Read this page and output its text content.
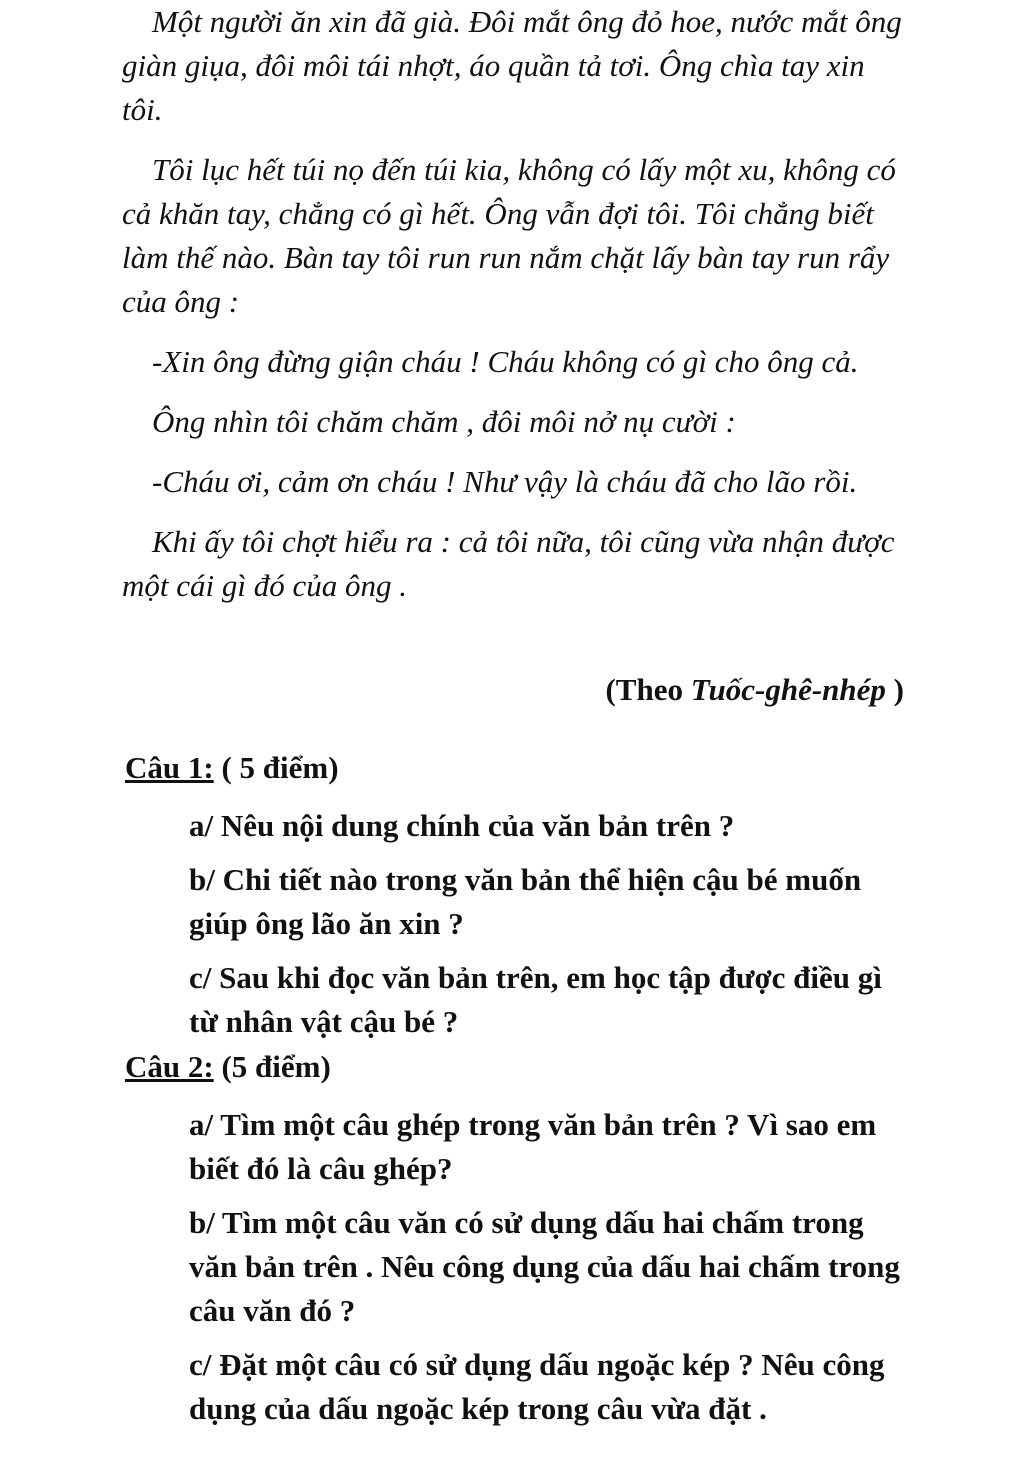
Một người ăn xin đã già. Đôi mắt ông đỏ hoe, nước mắt ông giàn giụa, đôi môi tái nhợt, áo quần tả tơi. Ông chìa tay xin tôi.

Tôi lục hết túi nọ đến túi kia, không có lấy một xu, không có cả khăn tay, chẳng có gì hết. Ông vẫn đợi tôi. Tôi chẳng biết làm thế nào. Bàn tay tôi run run nắm chặt lấy bàn tay run rẩy của ông :

-Xin ông đừng giận cháu ! Cháu không có gì cho ông cả.

Ông nhìn tôi chăm chăm , đôi môi nở nụ cười :

-Cháu ơi, cảm ơn cháu ! Như vậy là cháu đã cho lão rồi.

Khi ấy tôi chợt hiểu ra : cả tôi nữa, tôi cũng vừa nhận được một cái gì đó của ông .

(Theo Tuốc-ghê-nhép )

Câu 1: ( 5 điểm)

a/ Nêu nội dung chính của văn bản trên ?

b/ Chi tiết nào trong văn bản thể hiện cậu bé muốn giúp ông lão ăn xin ?

c/ Sau khi đọc văn bản trên, em học tập được điều gì từ nhân vật cậu bé ?

Câu 2: (5 điểm)

a/ Tìm một câu ghép trong văn bản trên ? Vì sao em biết đó là câu ghép?

b/ Tìm một câu văn có sử dụng dấu hai chấm trong văn bản trên . Nêu công dụng của dấu hai chấm trong câu văn đó ?

c/ Đặt một câu có sử dụng dấu ngoặc kép ? Nêu công dụng của dấu ngoặc kép trong câu vừa đặt .
